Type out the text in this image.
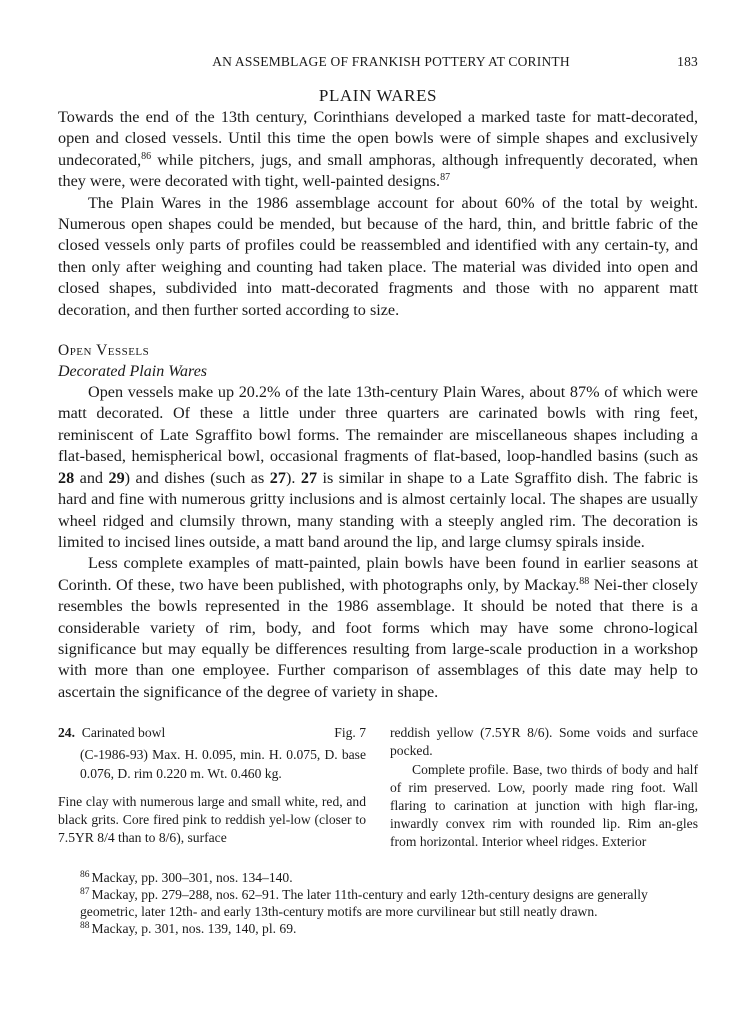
AN ASSEMBLAGE OF FRANKISH POTTERY AT CORINTH	183
PLAIN WARES

Towards the end of the 13th century, Corinthians developed a marked taste for matt-decorated, open and closed vessels. Until this time the open bowls were of simple shapes and exclusively undecorated,$^{86}$ while pitchers, jugs, and small amphoras, although infrequently decorated, when they were, were decorated with tight, well-painted designs.$^{87}$

The Plain Wares in the 1986 assemblage account for about 60% of the total by weight. Numerous open shapes could be mended, but because of the hard, thin, and brittle fabric of the closed vessels only parts of profiles could be reassembled and identified with any certain-ty, and then only after weighing and counting had taken place. The material was divided into open and closed shapes, subdivided into matt-decorated fragments and those with no apparent matt decoration, and then further sorted according to size.

Open Vessels
Decorated Plain Wares

Open vessels make up 20.2% of the late 13th-century Plain Wares, about 87% of which were matt decorated. Of these a little under three quarters are carinated bowls with ring feet, reminiscent of Late Sgraffito bowl forms. The remainder are miscellaneous shapes including a flat-based, hemispherical bowl, occasional fragments of flat-based, loop-handled basins (such as 28 and 29) and dishes (such as 27). 27 is similar in shape to a Late Sgraffito dish. The fabric is hard and fine with numerous gritty inclusions and is almost certainly local. The shapes are usually wheel ridged and clumsily thrown, many standing with a steeply angled rim. The decoration is limited to incised lines outside, a matt band around the lip, and large clumsy spirals inside.

Less complete examples of matt-painted, plain bowls have been found in earlier seasons at Corinth. Of these, two have been published, with photographs only, by Mackay.$^{88}$ Nei-ther closely resembles the bowls represented in the 1986 assemblage. It should be noted that there is a considerable variety of rim, body, and foot forms which may have some chrono-logical significance but may equally be differences resulting from large-scale production in a workshop with more than one employee. Further comparison of assemblages of this date may help to ascertain the significance of the degree of variety in shape.

24. Carinated bowl	Fig. 7
(C-1986-93) Max. H. 0.095, min. H. 0.075, D. base 0.076, D. rim 0.220 m. Wt. 0.460 kg.

Fine clay with numerous large and small white, red, and black grits. Core fired pink to reddish yel-low (closer to 7.5YR 8/4 than to 8/6), surface

reddish yellow (7.5YR 8/6). Some voids and surface pocked.

Complete profile. Base, two thirds of body and half of rim preserved. Low, poorly made ring foot. Wall flaring to carination at junction with high flar-ing, inwardly convex rim with rounded lip. Rim an-gles from horizontal. Interior wheel ridges. Exterior

$^{86}$ Mackay, pp. 300–301, nos. 134–140.
$^{87}$ Mackay, pp. 279–288, nos. 62–91. The later 11th-century and early 12th-century designs are generally geometric, later 12th- and early 13th-century motifs are more curvilinear but still neatly drawn.
$^{88}$ Mackay, p. 301, nos. 139, 140, pl. 69.
